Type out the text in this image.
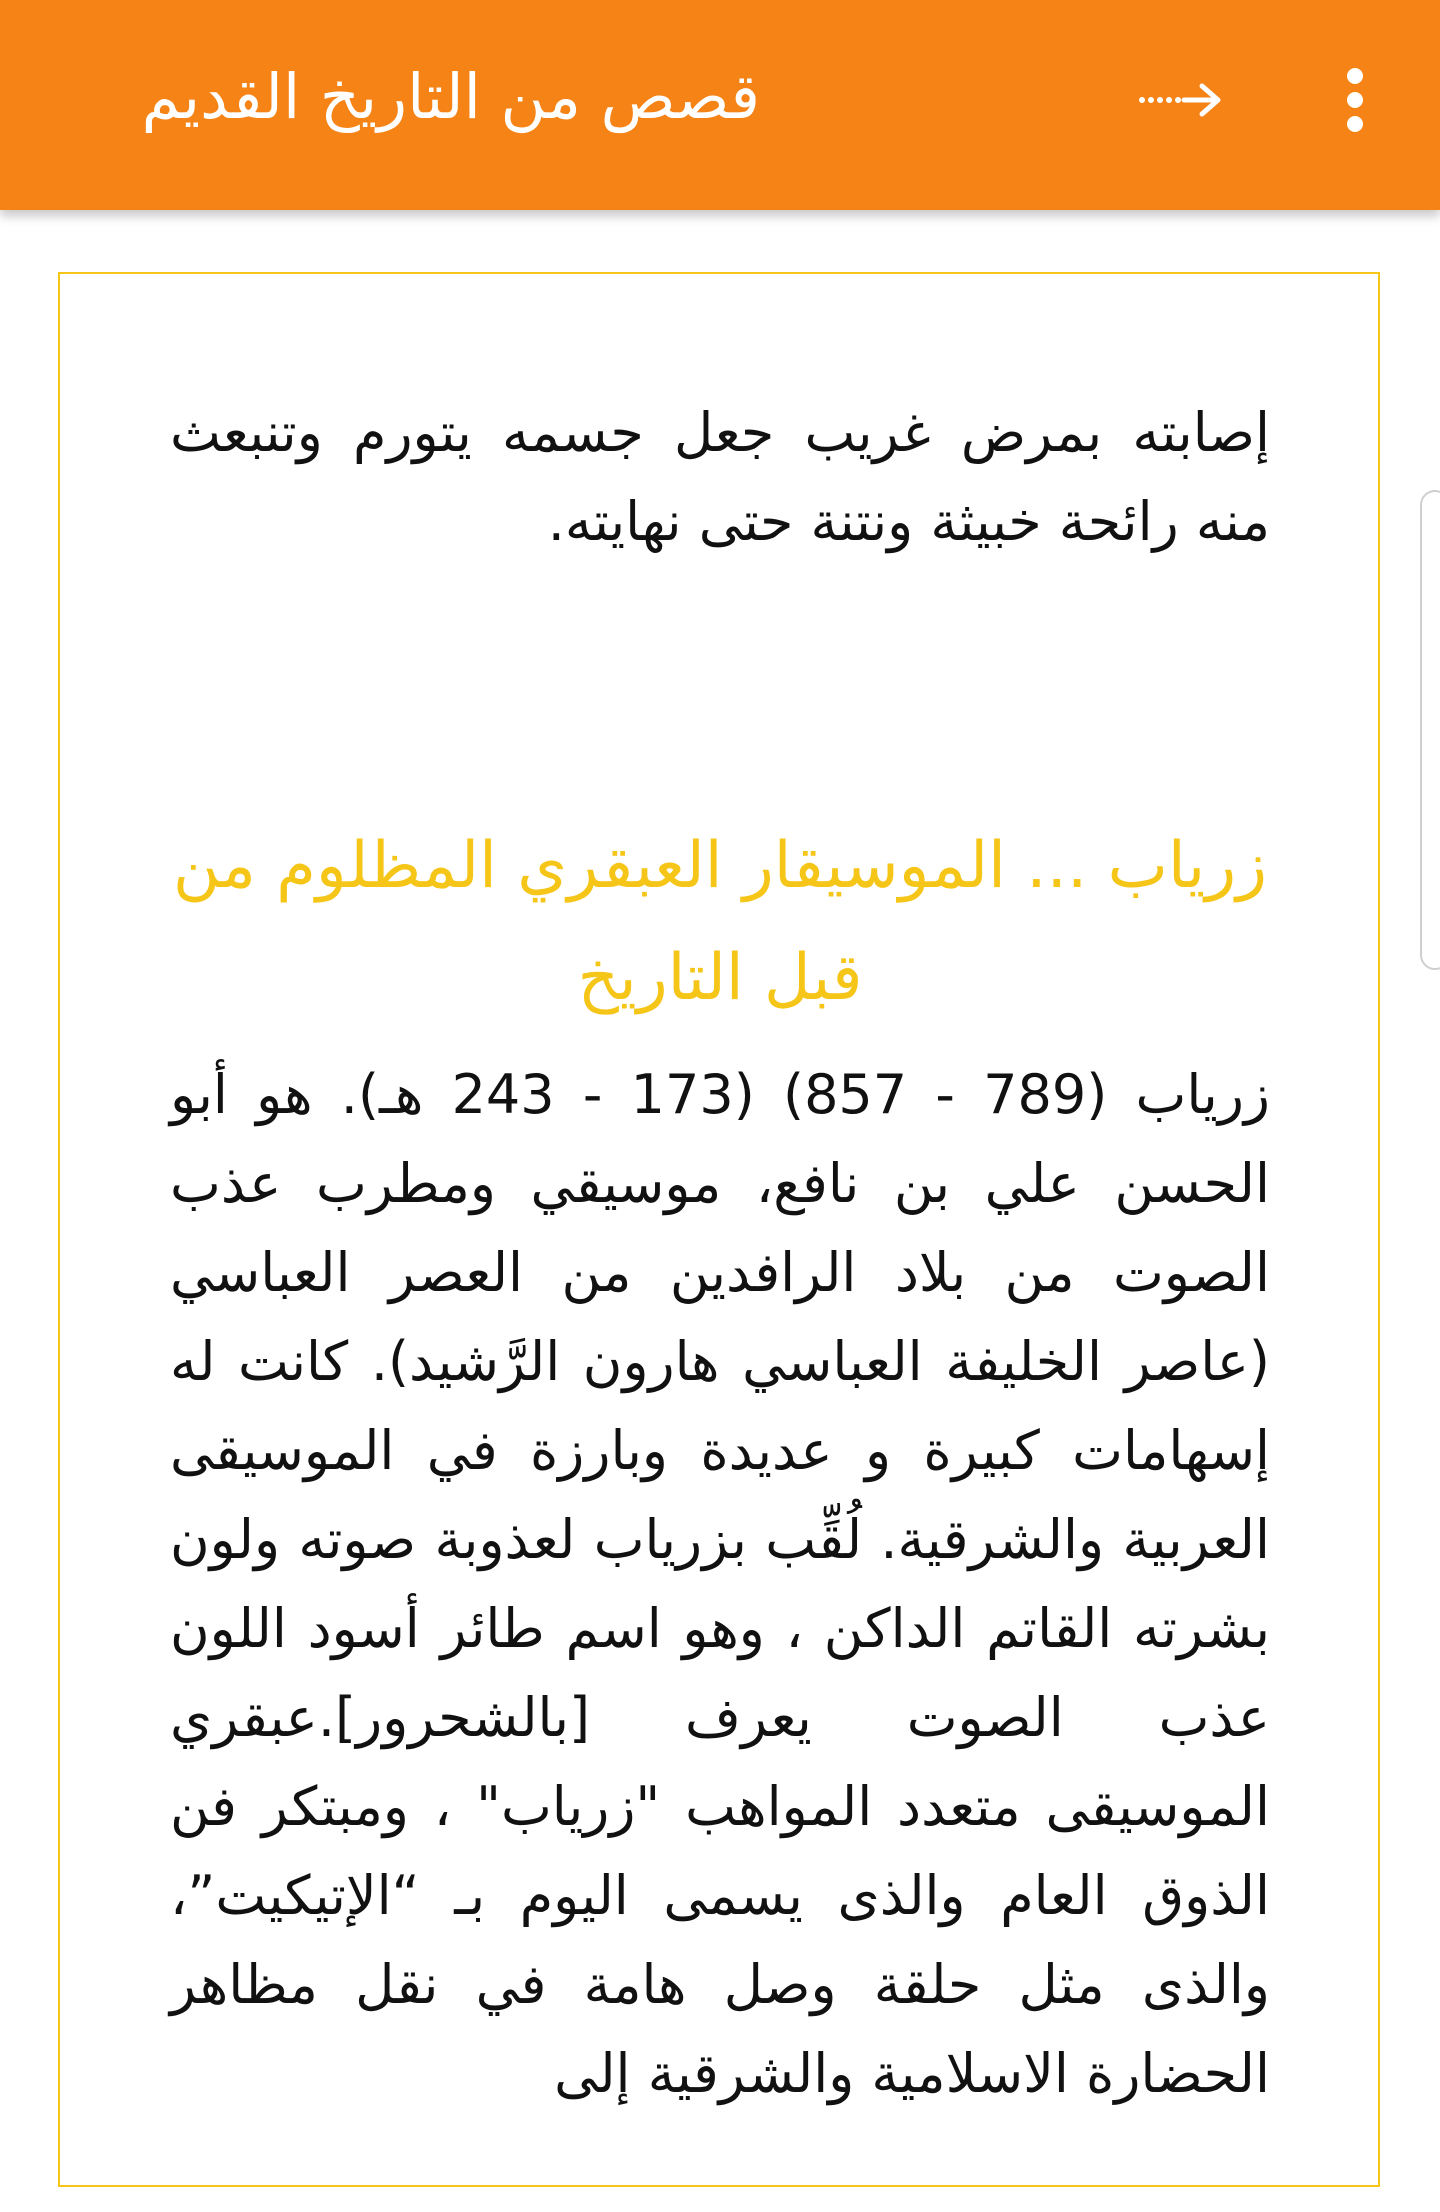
قصص من التاريخ القديم

إصابته بمرض غريب جعل جسمه يتورم وتنبعث منه رائحة خبيثة ونتنة حتى نهايته.

زرياب ... الموسيقار العبقري المظلوم من قبل التاريخ

زرياب (789 - 857) (173 - 243 هـ). هو أبو الحسن علي بن نافع، موسيقي ومطرب عذب الصوت من بلاد الرافدين من العصر العباسي (عاصر الخليفة العباسي هارون الرَّشيد). كانت له إسهامات كبيرة و عديدة وبارزة في الموسيقى العربية والشرقية. لُقِّب بزرياب لعذوبة صوته ولون بشرته القاتم الداكن ، وهو اسم طائر أسود اللون عذب الصوت يعرف [بالشحرور].عبقري الموسيقى متعدد المواهب "زرياب" ، ومبتكر فن الذوق العام والذى يسمى اليوم بـ “الإتيكيت”، والذى مثل حلقة وصل هامة في نقل مظاهر الحضارة الاسلامية والشرقية إلى
